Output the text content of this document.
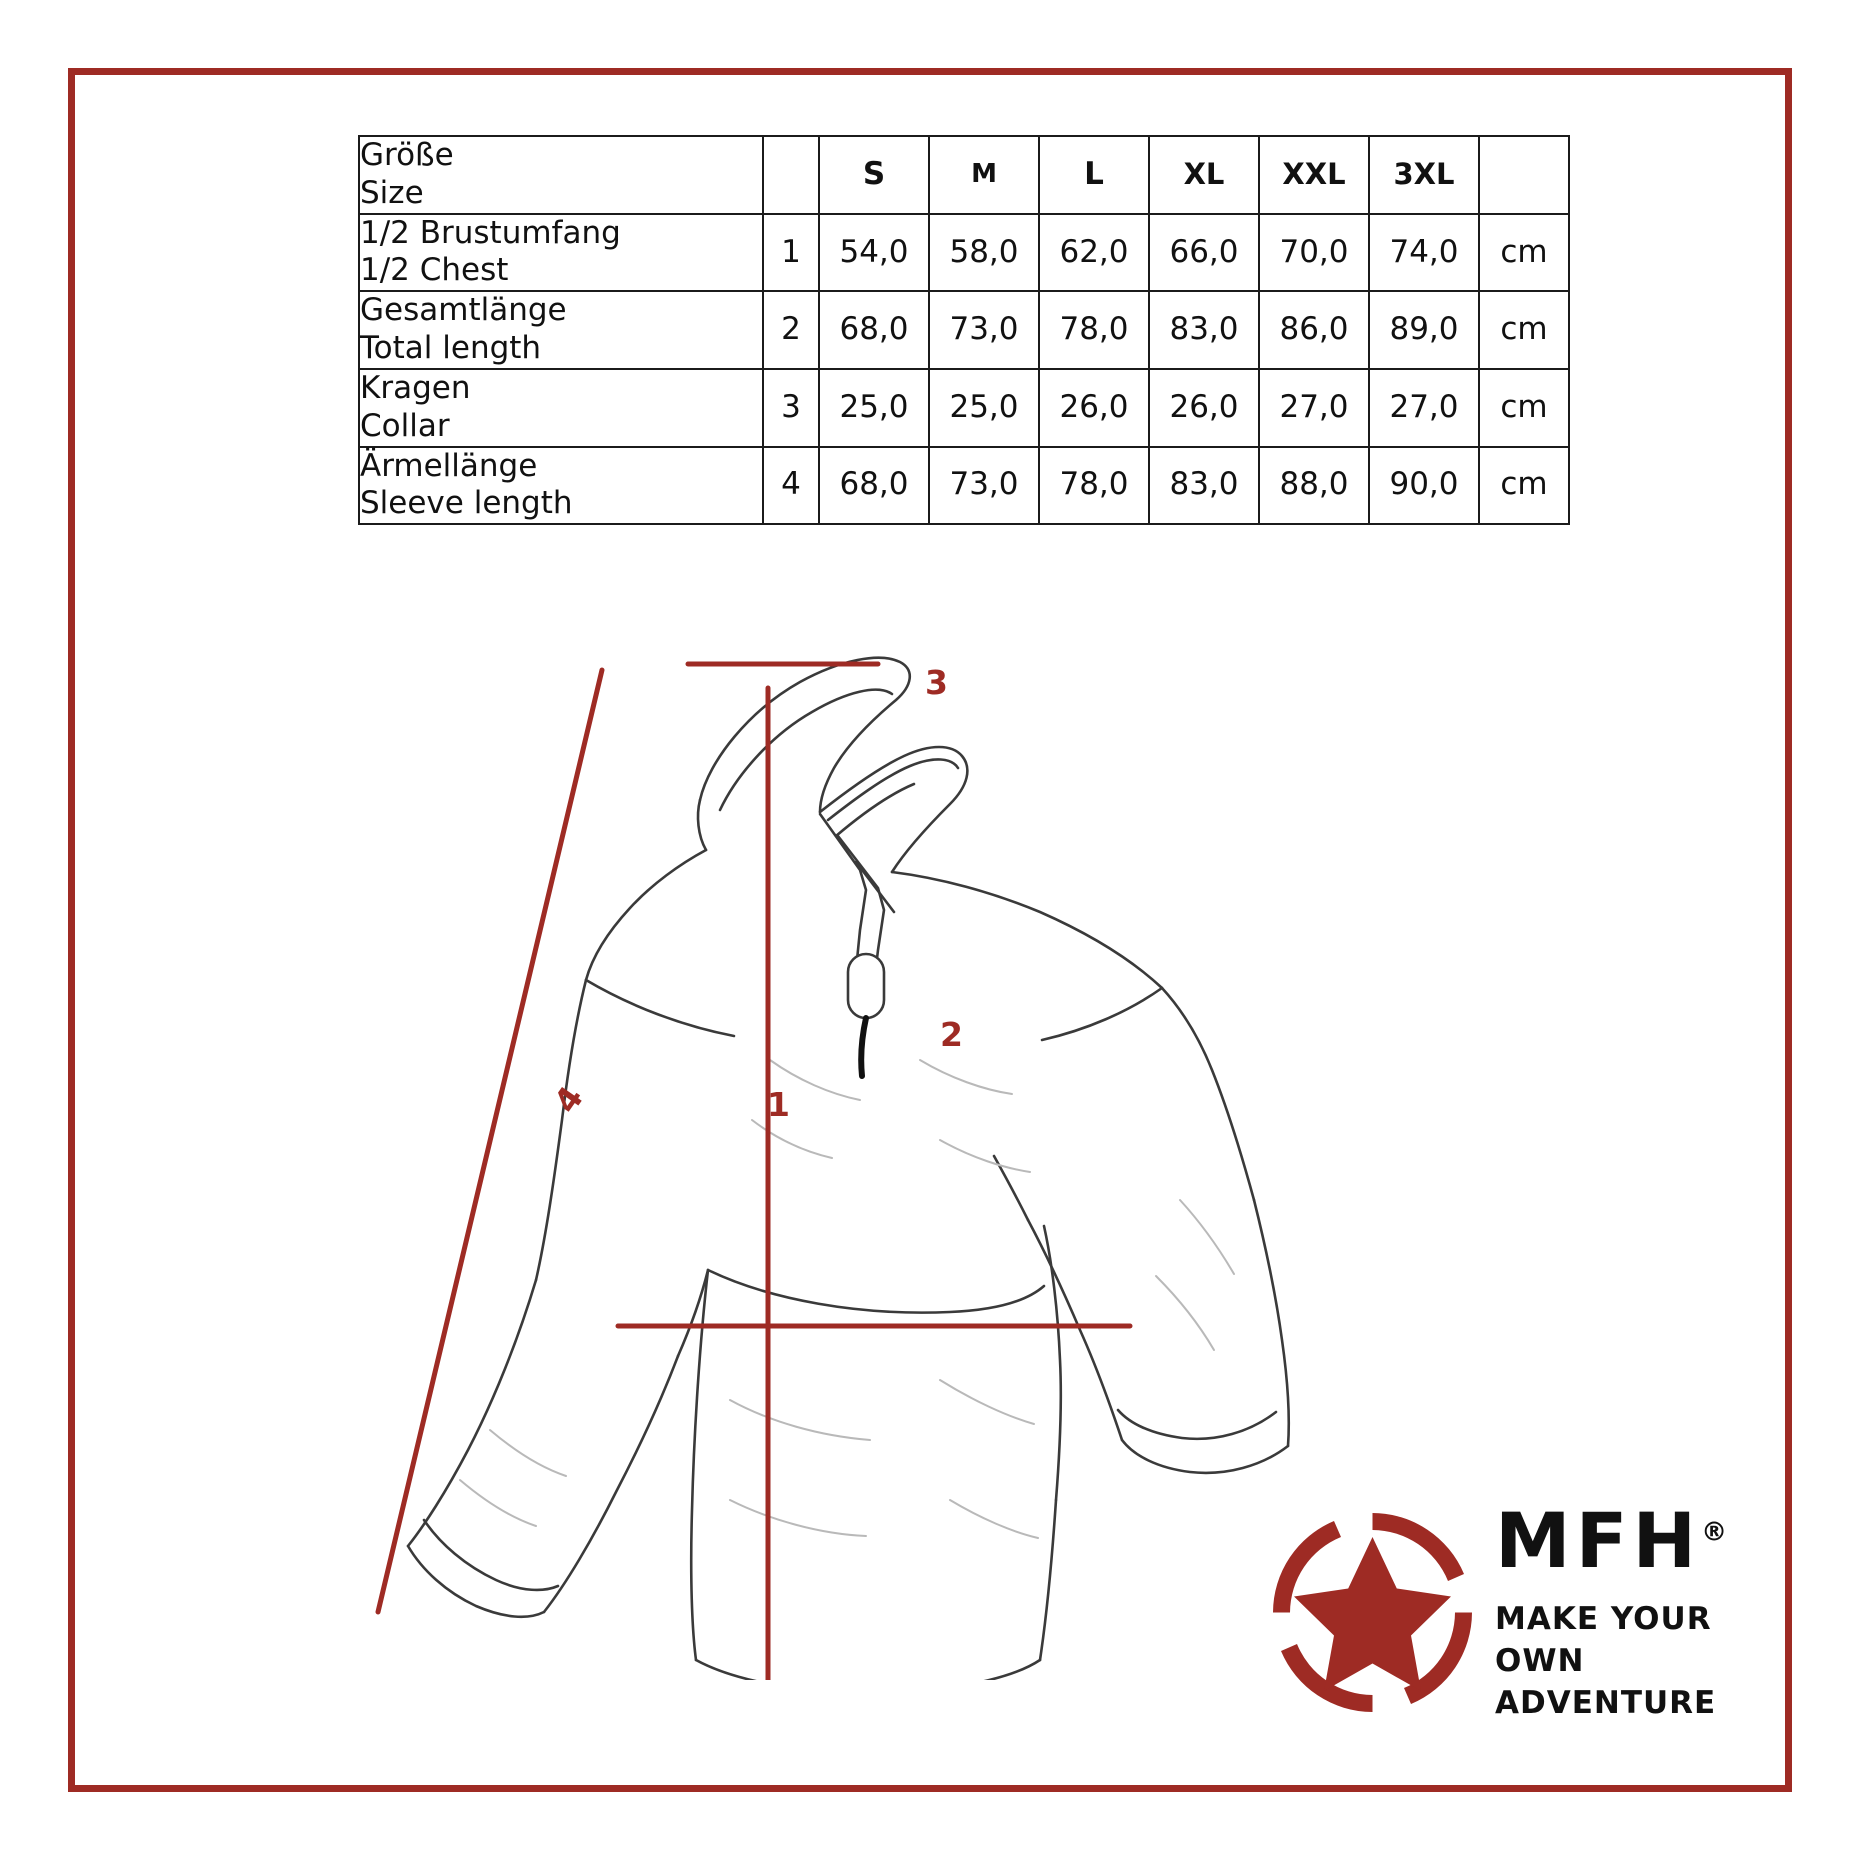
Größe
Size		S	M	L	XL	XXL	3XL	

1/2 Brustumfang
1/2 Chest	1	54,0	58,0	62,0	66,0	70,0	74,0	cm

Gesamtlänge
Total length	2	68,0	73,0	78,0	83,0	86,0	89,0	cm

Kragen
Collar	3	25,0	25,0	26,0	26,0	27,0	27,0	cm

Ärmellänge
Sleeve length	4	68,0	73,0	78,0	83,0	88,0	90,0	cm
1
2
3
4
MFH®
MAKE YOUR OWN
ADVENTURE
